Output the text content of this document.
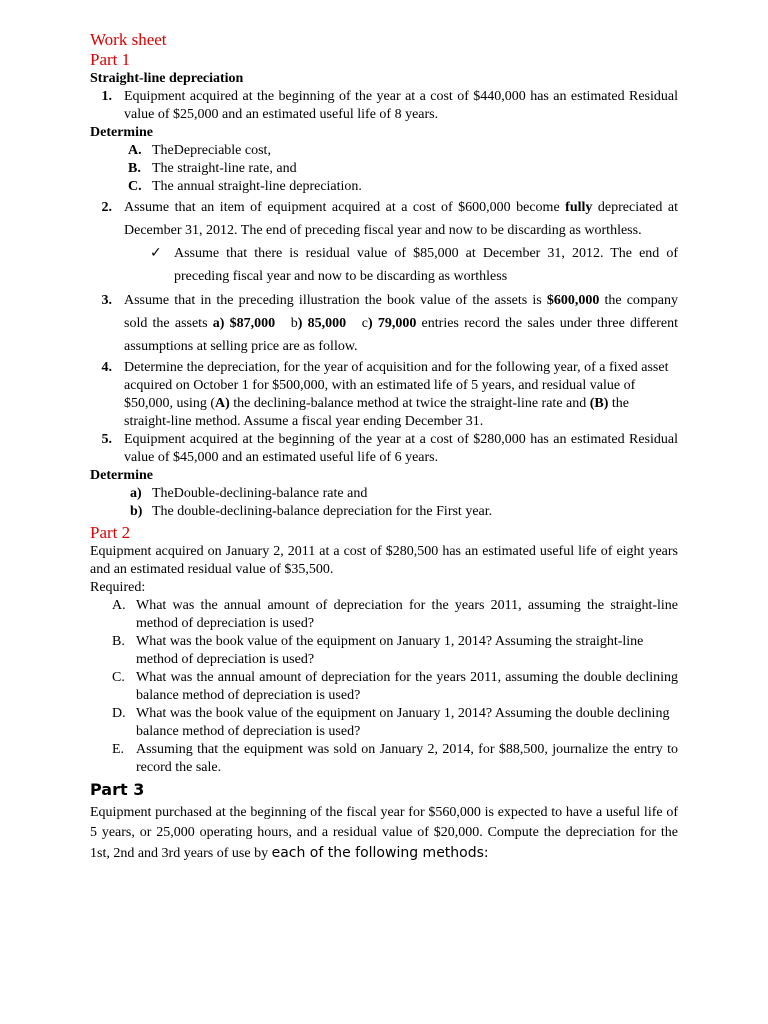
Work sheet
Part 1
Straight-line depreciation
1. Equipment acquired at the beginning of the year at a cost of $440,000 has an estimated Residual value of $25,000 and an estimated useful life of 8 years.
Determine
A. TheDepreciable cost,
B. The straight-line rate, and
C. The annual straight-line depreciation.
2. Assume that an item of equipment acquired at a cost of $600,000 become fully depreciated at December 31, 2012. The end of preceding fiscal year and now to be discarding as worthless.
✓ Assume that there is residual value of $85,000 at December 31, 2012. The end of preceding fiscal year and now to be discarding as worthless
3. Assume that in the preceding illustration the book value of the assets is $600,000 the company sold the assets a) $87,000   b) 85,000   c) 79,000 entries record the sales under three different assumptions at selling price are as follow.
4. Determine the depreciation, for the year of acquisition and for the following year, of a fixed asset acquired on October 1 for $500,000, with an estimated life of 5 years, and residual value of $50,000, using (A) the declining-balance method at twice the straight-line rate and (B) the straight-line method. Assume a fiscal year ending December 31.
5. Equipment acquired at the beginning of the year at a cost of $280,000 has an estimated Residual value of $45,000 and an estimated useful life of 6 years.
Determine
a) TheDouble-declining-balance rate and
b) The double-declining-balance depreciation for the First year.
Part 2
Equipment acquired on January 2, 2011 at a cost of $280,500 has an estimated useful life of eight years and an estimated residual value of $35,500.
Required:
A. What was the annual amount of depreciation for the years 2011, assuming the straight-line method of depreciation is used?
B. What was the book value of the equipment on January 1, 2014? Assuming the straight-line method of depreciation is used?
C. What was the annual amount of depreciation for the years 2011, assuming the double declining balance method of depreciation is used?
D. What was the book value of the equipment on January 1, 2014? Assuming the double declining balance method of depreciation is used?
E. Assuming that the equipment was sold on January 2, 2014, for $88,500, journalize the entry to record the sale.
Part 3
Equipment purchased at the beginning of the fiscal year for $560,000 is expected to have a useful life of 5 years, or 25,000 operating hours, and a residual value of $20,000. Compute the depreciation for the 1st, 2nd and 3rd years of use by each of the following methods:
